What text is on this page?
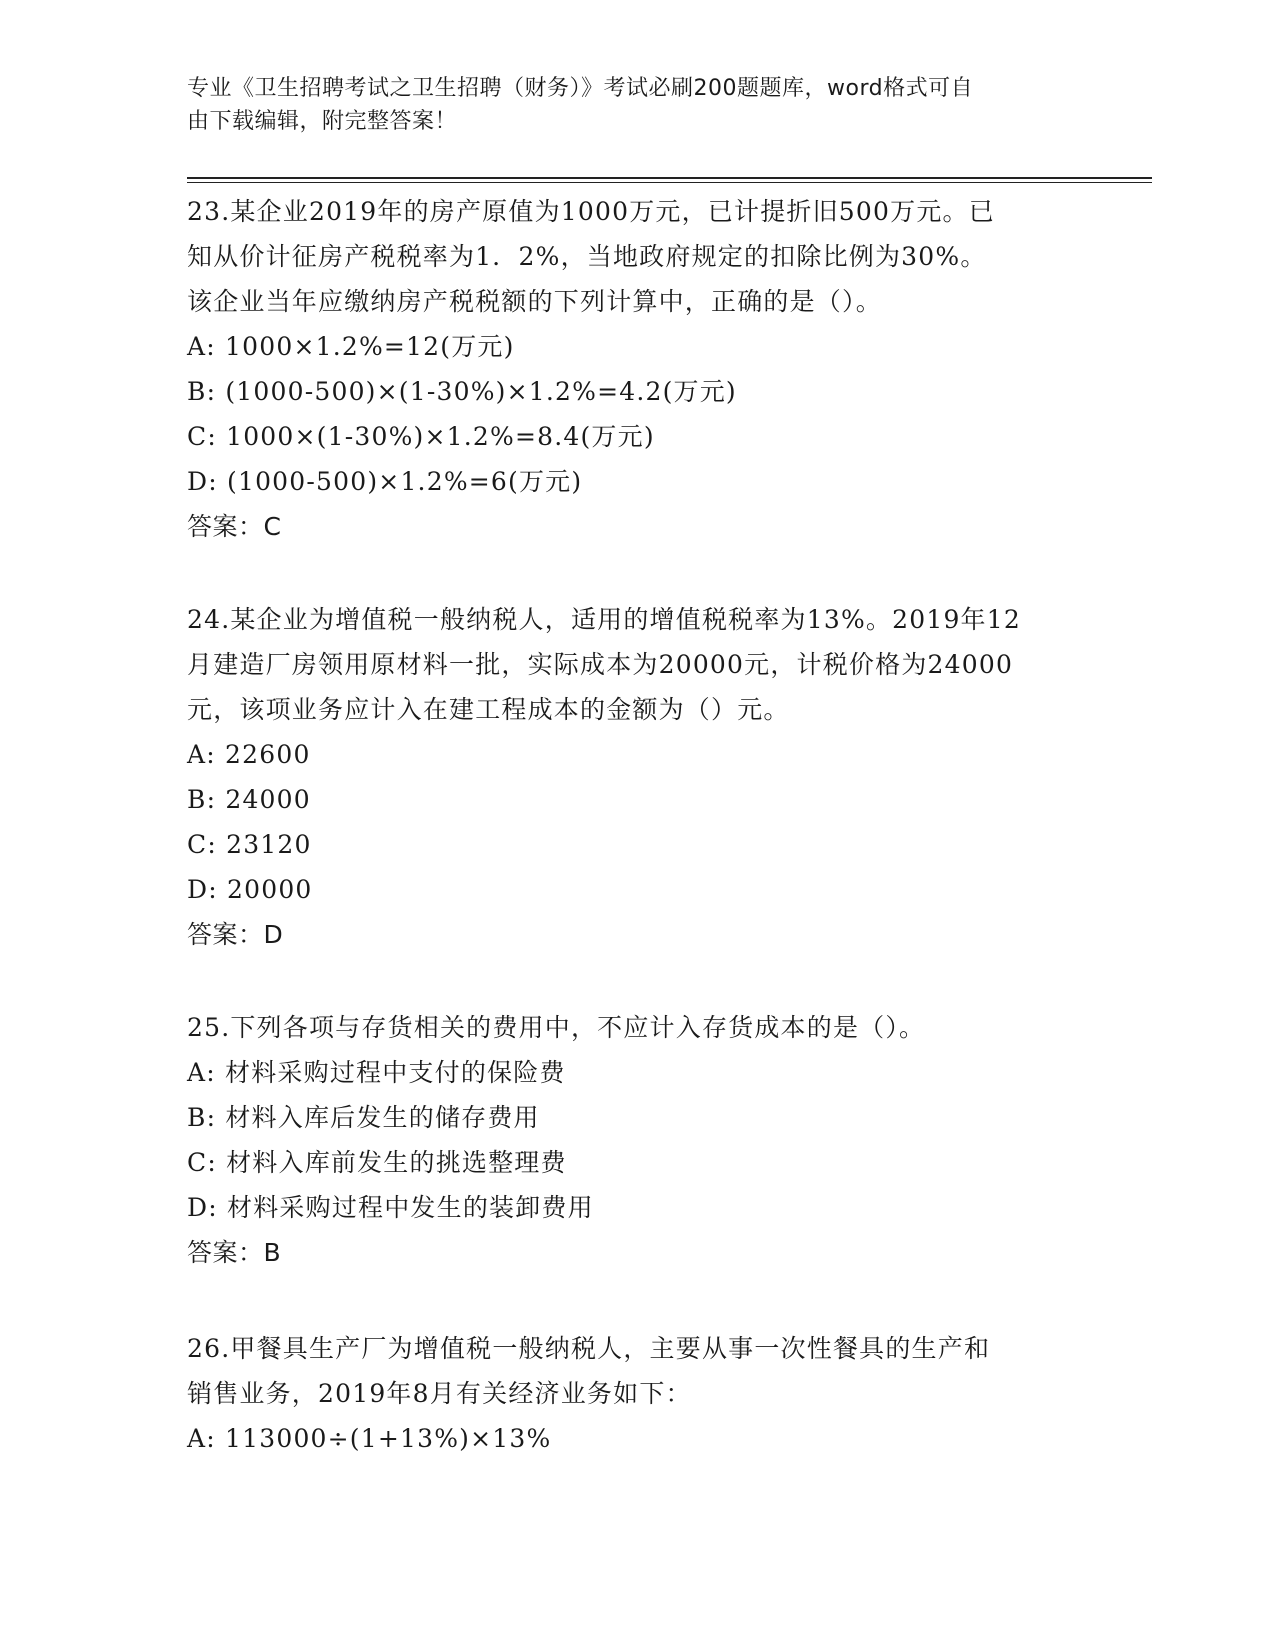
专业《卫生招聘考试之卫生招聘（财务）》考试必刷200题题库，word格式可自
由下载编辑，附完整答案！

23.某企业2019年的房产原值为1000万元，已计提折旧500万元。已

知从价计征房产税税率为1．2%，当地政府规定的扣除比例为30%。

该企业当年应缴纳房产税税额的下列计算中，正确的是（）。

A: 1000×1.2%=12(万元)

B: (1000-500)×(1-30%)×1.2%=4.2(万元)

C: 1000×(1-30%)×1.2%=8.4(万元)

D: (1000-500)×1.2%=6(万元)

答案：C

24.某企业为增值税一般纳税人，适用的增值税税率为13%。2019年12

月建造厂房领用原材料一批，实际成本为20000元，计税价格为24000

元，该项业务应计入在建工程成本的金额为（）元。

A: 22600

B: 24000

C: 23120

D: 20000

答案：D

25.下列各项与存货相关的费用中，不应计入存货成本的是（）。

A: 材料采购过程中支付的保险费

B: 材料入库后发生的储存费用

C: 材料入库前发生的挑选整理费

D: 材料采购过程中发生的装卸费用

答案：B

26.甲餐具生产厂为增值税一般纳税人，主要从事一次性餐具的生产和

销售业务，2019年8月有关经济业务如下：

A: 113000÷(1+13%)×13%
